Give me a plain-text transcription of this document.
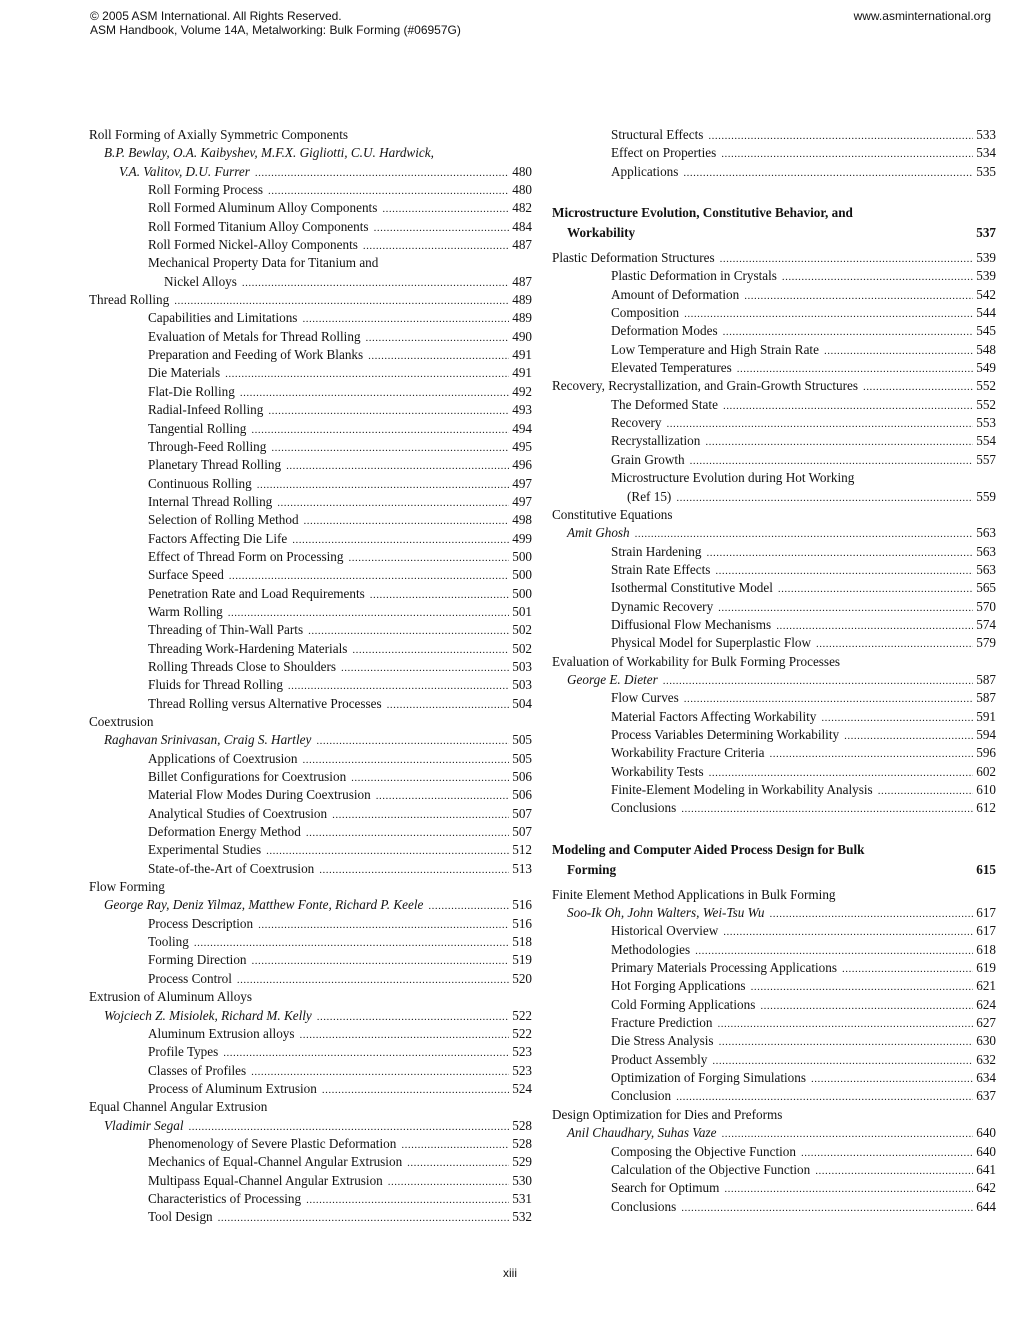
© 2005 ASM International. All Rights Reserved.
ASM Handbook, Volume 14A, Metalworking: Bulk Forming (#06957G)
www.asminternational.org
Roll Forming of Axially Symmetric Components
B.P. Bewlay, O.A. Kaibyshev, M.F.X. Gigliotti, C.U. Hardwick,
V.A. Valitov, D.U. Furrer .....	480
Roll Forming Process .....	480
Roll Formed Aluminum Alloy Components .....	482
Roll Formed Titanium Alloy Components .....	484
Roll Formed Nickel-Alloy Components .....	487
Mechanical Property Data for Titanium and
Nickel Alloys .....	487
Thread Rolling .....	489
Capabilities and Limitations .....	489
Evaluation of Metals for Thread Rolling .....	490
Preparation and Feeding of Work Blanks .....	491
Die Materials .....	491
Flat-Die Rolling .....	492
Radial-Infeed Rolling .....	493
Tangential Rolling .....	494
Through-Feed Rolling .....	495
Planetary Thread Rolling .....	496
Continuous Rolling .....	497
Internal Thread Rolling .....	497
Selection of Rolling Method .....	498
Factors Affecting Die Life .....	499
Effect of Thread Form on Processing .....	500
Surface Speed .....	500
Penetration Rate and Load Requirements .....	500
Warm Rolling .....	501
Threading of Thin-Wall Parts .....	502
Threading Work-Hardening Materials .....	502
Rolling Threads Close to Shoulders .....	503
Fluids for Thread Rolling .....	503
Thread Rolling versus Alternative Processes .....	504
Coextrusion
Raghavan Srinivasan, Craig S. Hartley .....	505
Applications of Coextrusion .....	505
Billet Configurations for Coextrusion .....	506
Material Flow Modes During Coextrusion .....	506
Analytical Studies of Coextrusion .....	507
Deformation Energy Method .....	507
Experimental Studies .....	512
State-of-the-Art of Coextrusion .....	513
Flow Forming
George Ray, Deniz Yilmaz, Matthew Fonte, Richard P. Keele .....	516
Process Description .....	516
Tooling .....	518
Forming Direction .....	519
Process Control .....	520
Extrusion of Aluminum Alloys
Wojciech Z. Misiolek, Richard M. Kelly .....	522
Aluminum Extrusion alloys .....	522
Profile Types .....	523
Classes of Profiles .....	523
Process of Aluminum Extrusion .....	524
Equal Channel Angular Extrusion
Vladimir Segal .....	528
Phenomenology of Severe Plastic Deformation .....	528
Mechanics of Equal-Channel Angular Extrusion .....	529
Multipass Equal-Channel Angular Extrusion .....	530
Characteristics of Processing .....	531
Tool Design .....	532
Structural Effects .....	533
Effect on Properties .....	534
Applications .....	535
Microstructure Evolution, Constitutive Behavior, and
Workability	537
Plastic Deformation Structures .....	539
Plastic Deformation in Crystals .....	539
Amount of Deformation .....	542
Composition .....	544
Deformation Modes .....	545
Low Temperature and High Strain Rate .....	548
Elevated Temperatures .....	549
Recovery, Recrystallization, and Grain-Growth Structures .....	552
The Deformed State .....	552
Recovery .....	553
Recrystallization .....	554
Grain Growth .....	557
Microstructure Evolution during Hot Working
(Ref 15) .....	559
Constitutive Equations
Amit Ghosh .....	563
Strain Hardening .....	563
Strain Rate Effects .....	563
Isothermal Constitutive Model .....	565
Dynamic Recovery .....	570
Diffusional Flow Mechanisms .....	574
Physical Model for Superplastic Flow .....	579
Evaluation of Workability for Bulk Forming Processes
George E. Dieter .....	587
Flow Curves .....	587
Material Factors Affecting Workability .....	591
Process Variables Determining Workability .....	594
Workability Fracture Criteria .....	596
Workability Tests .....	602
Finite-Element Modeling in Workability Analysis .....	610
Conclusions .....	612
Modeling and Computer Aided Process Design for Bulk
Forming	615
Finite Element Method Applications in Bulk Forming
Soo-Ik Oh, John Walters, Wei-Tsu Wu .....	617
Historical Overview .....	617
Methodologies .....	618
Primary Materials Processing Applications .....	619
Hot Forging Applications .....	621
Cold Forming Applications .....	624
Fracture Prediction .....	627
Die Stress Analysis .....	630
Product Assembly .....	632
Optimization of Forging Simulations .....	634
Conclusion .....	637
Design Optimization for Dies and Preforms
Anil Chaudhary, Suhas Vaze .....	640
Composing the Objective Function .....	640
Calculation of the Objective Function .....	641
Search for Optimum .....	642
Conclusions .....	644
xiii
